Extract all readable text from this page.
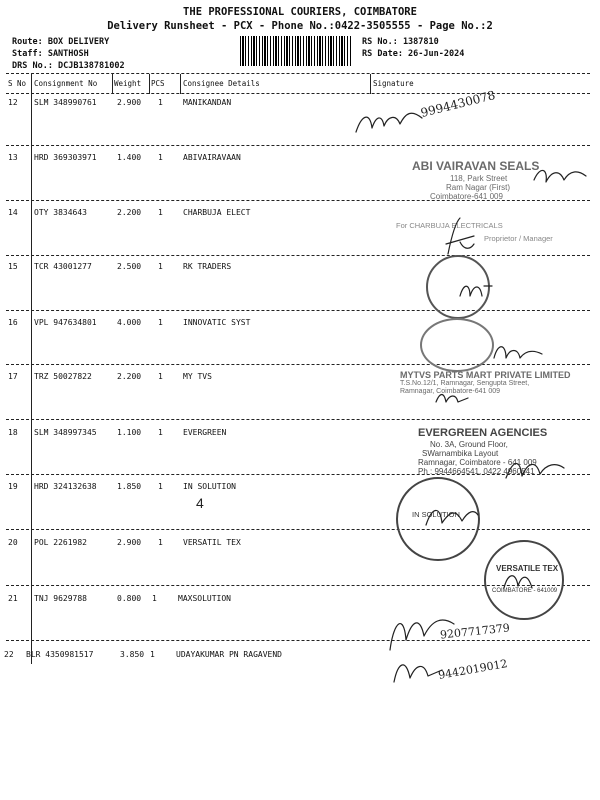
THE PROFESSIONAL COURIERS, COIMBATORE
Delivery Runsheet - PCX - Phone No.:0422-3505555 - Page No.:2
Route: BOX DELIVERY
Staff: SANTHOSH
DRS No.: DCJB138781002
RS No.: 1387810
RS Date: 26-Jun-2024
S No Consignment No Weight PCS Consignee Details	Signature
12 SLM 348990761	2.900 1	MANIKANDAN
13 HRD 369303971	1.400 1	ABIVAIRAVAAN
14 OTY 3834643	2.200 1	CHARBUJA ELECT
15 TCR 43001277	2.500 1	RK TRADERS
16 VPL 947634801	4.000 1	INNOVATIC SYST
17 TRZ 50027822	2.200 1	MY TVS
18 SLM 348997345	1.100 1	EVERGREEN
19 HRD 324132638	1.850 1	IN SOLUTION
20 POL 2261982	2.900 1	VERSATIL TEX
21 TNJ 9629788	0.800 1	MAXSOLUTION
22 BLR 4350981517	3.850 1	UDAYAKUMAR PN RAGAVEND
ABI VAIRAVAN SEALS
118, Park Street
Ram Nagar (First)
Coimbatore-641 009
For CHARBUJA ELECTRICALS
Proprietor / Manager
MYTVS PARTS MART PRIVATE LIMITED
T.S.No.12/1, Ramnagar, Sengupta Street,
Ramnagar, Coimbatore-641 009
EVERGREEN AGENCIES
No. 3A, Ground Floor,
SWarnambika Layout
Ramnagar, Coimbatore - 641 009
Ph : 9944664541, 0422 4960541
IN SOLUTION
VERSATILE TEX
COIMBATORE - 641009
9994430078
4
9207717379
9442019012
